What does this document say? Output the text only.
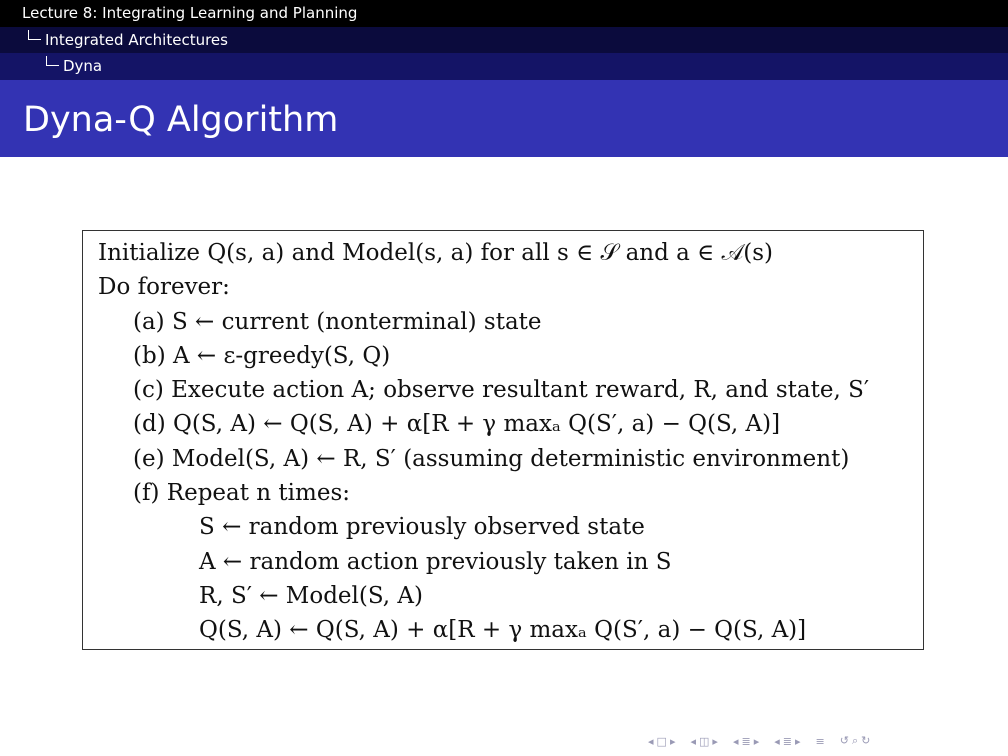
Lecture 8: Integrating Learning and Planning
Integrated Architectures
Dyna
Dyna-Q Algorithm
Initialize Q(s, a) and Model(s, a) for all s ∈ 𝒮 and a ∈ 𝒜(s)
Do forever:
(a) S ← current (nonterminal) state
(b) A ← ε-greedy(S, Q)
(c) Execute action A; observe resultant reward, R, and state, S′
(d) Q(S, A) ← Q(S, A) + α[R + γ maxₐ Q(S′, a) − Q(S, A)]
(e) Model(S, A) ← R, S′ (assuming deterministic environment)
(f) Repeat n times:
S ← random previously observed state
A ← random action previously taken in S
R, S′ ← Model(S, A)
Q(S, A) ← Q(S, A) + α[R + γ maxₐ Q(S′, a) − Q(S, A)]
◂ □ ▸ ◂ ◫ ▸ ◂ ≣ ▸ ◂ ≣ ▸ ≡ ↺ ⌕ ↻
